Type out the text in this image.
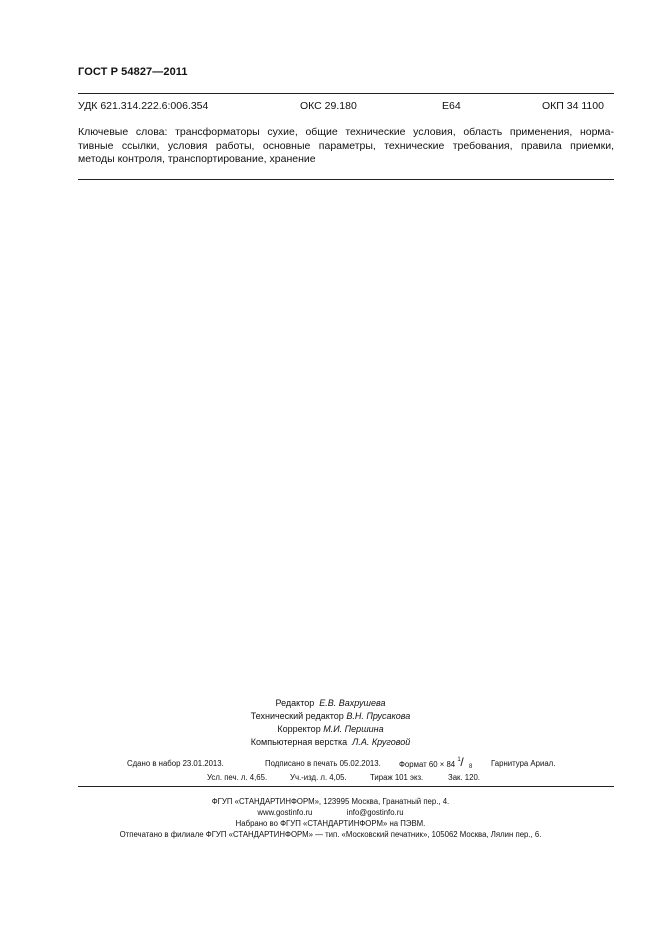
ГОСТ Р 54827—2011
УДК 621.314.222.6:006.354	ОКС 29.180	Е64	ОКП 34 1100
Ключевые слова: трансформаторы сухие, общие технические условия, область применения, норма-
тивные ссылки, условия работы, основные параметры, технические требования, правила приемки,
методы контроля, транспортирование, хранение
Редактор Е.В. Вахрушева
Технический редактор В.Н. Прусакова
Корректор М.И. Першина
Компьютерная верстка Л.А. Круговой
Сдано в набор 23.01.2013.	Подписано в печать 05.02.2013. Формат 60 × 84 1 / 8 Гарнитура Ариал.
Усл. печ. л. 4,65.	Уч.-изд. л. 4,05.	Тираж 101 экз.	Зак. 120.
ФГУП «СТАНДАРТИНФОРМ», 123995 Москва, Гранатный пер., 4.
www.gostinfo.ru	info@gostinfo.ru
Набрано во ФГУП «СТАНДАРТИНФОРМ» на ПЭВМ.
Отпечатано в филиале ФГУП «СТАНДАРТИНФОРМ» — тип. «Московский печатник», 105062 Москва, Лялин пер., 6.
